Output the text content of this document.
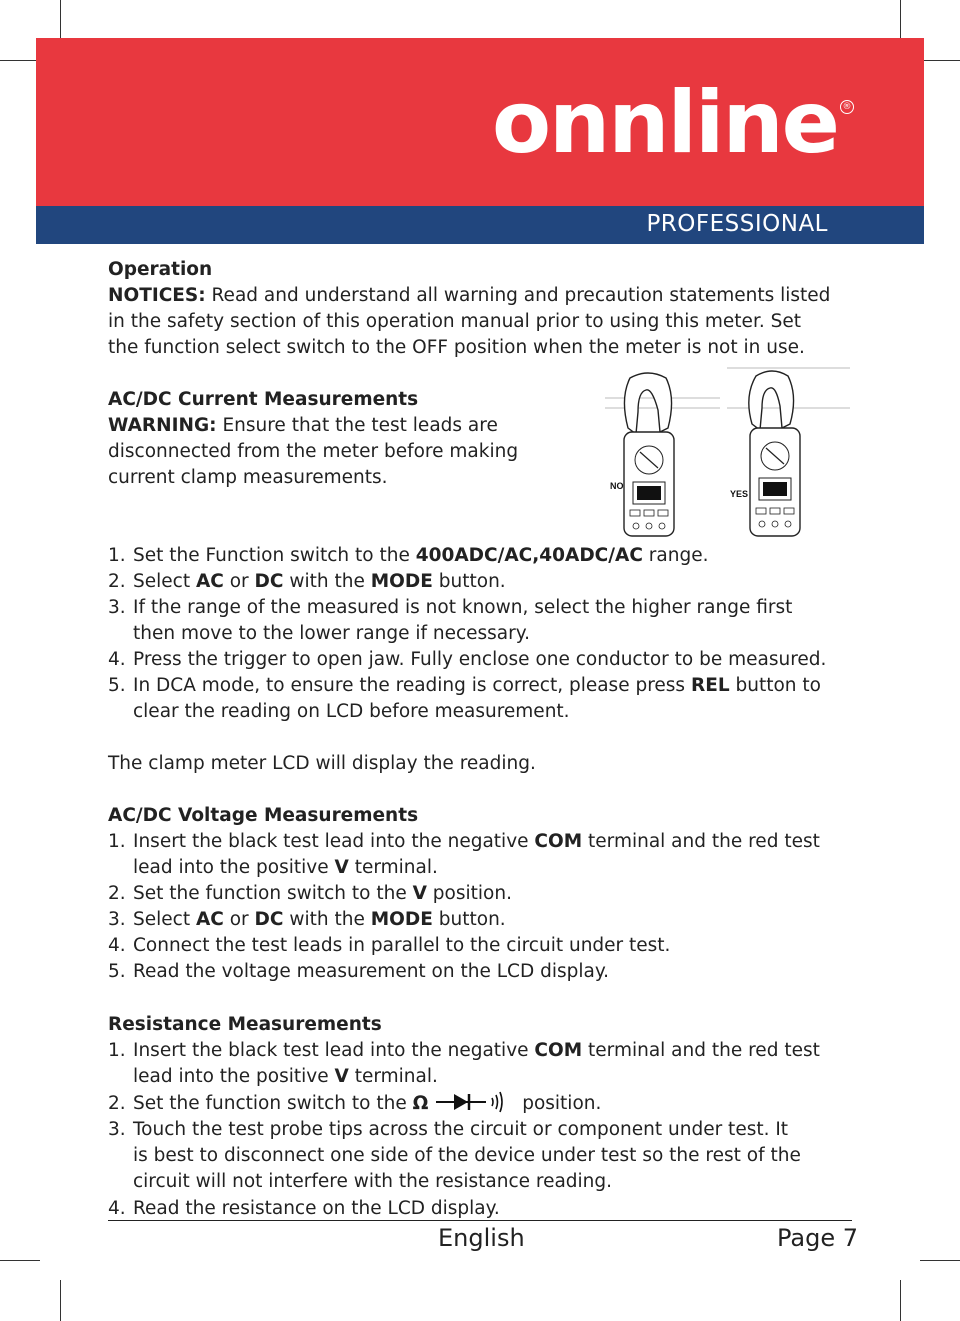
onnline ®
PROFESSIONAL
Operation
NOTICES: Read and understand all warning and precaution statements listed
in the safety section of this operation manual prior to using this meter. Set
the function select switch to the OFF position when the meter is not in use.
AC/DC Current Measurements
WARNING: Ensure that the test leads are
disconnected from the meter before making
current clamp measurements.
1. Set the Function switch to the 400ADC/AC,40ADC/AC range.
2. Select AC or DC with the MODE button.
3. If the range of the measured is not known, select the higher range first
then move to the lower range if necessary.
4. Press the trigger to open jaw. Fully enclose one conductor to be measured.
5. In DCA mode, to ensure the reading is correct, please press REL button to
clear the reading on LCD before measurement.
The clamp meter LCD will display the reading.
AC/DC Voltage Measurements
1. Insert the black test lead into the negative COM terminal and the red test
lead into the positive V terminal.
2. Set the function switch to the V position.
3. Select AC or DC with the MODE button.
4. Connect the test leads in parallel to the circuit under test.
5. Read the voltage measurement on the LCD display.
Resistance Measurements
1. Insert the black test lead into the negative COM terminal and the red test
lead into the positive V terminal.
2. Set the function switch to the Ω	position.
3. Touch the test probe tips across the circuit or component under test. It
is best to disconnect one side of the device under test so the rest of the
circuit will not interfere with the resistance reading.
4. Read the resistance on the LCD display.
NO
YES
English	Page 7
